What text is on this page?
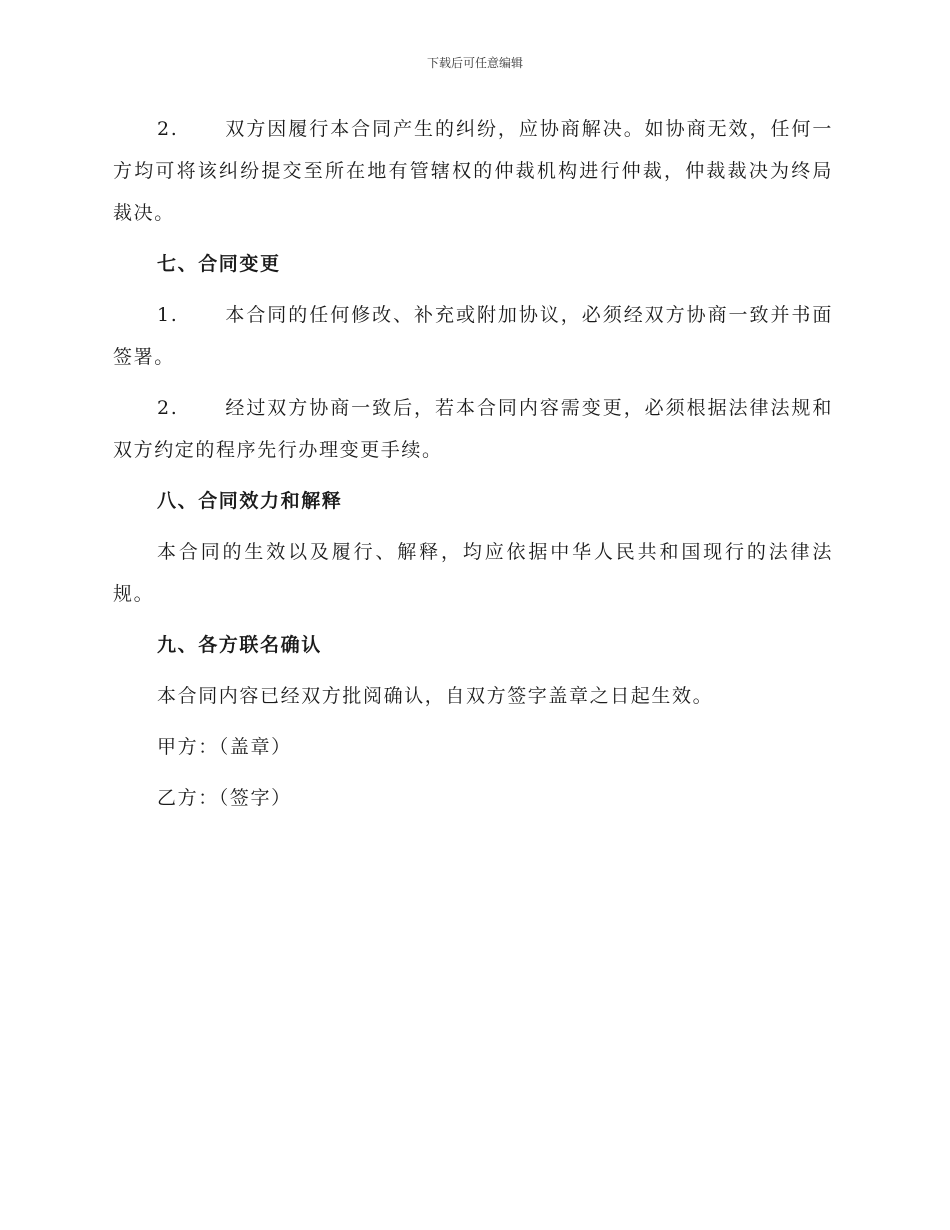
下载后可任意编辑

2. 双方因履行本合同产生的纠纷，应协商解决。如协商无效，任何一方均可将该纠纷提交至所在地有管辖权的仲裁机构进行仲裁，仲裁裁决为终局裁决。

七、合同变更

1. 本合同的任何修改、补充或附加协议，必须经双方协商一致并书面签署。

2. 经过双方协商一致后，若本合同内容需变更，必须根据法律法规和双方约定的程序先行办理变更手续。

八、合同效力和解释

本合同的生效以及履行、解释，均应依据中华人民共和国现行的法律法规。

九、各方联名确认

本合同内容已经双方批阅确认，自双方签字盖章之日起生效。

甲方：（盖章）

乙方：（签字）
